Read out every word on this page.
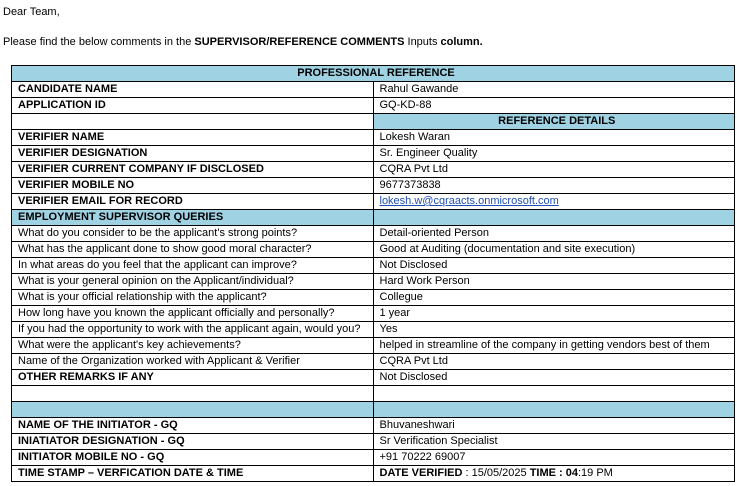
Dear Team,
Please find the below comments in the SUPERVISOR/REFERENCE COMMENTS Inputs column.
PROFESSIONAL REFERENCE	
CANDIDATE NAME	Rahul Gawande
APPLICATION ID	GQ-KD-88
	REFERENCE DETAILS
VERIFIER NAME	Lokesh Waran
VERIFIER DESIGNATION	Sr. Engineer Quality
VERIFIER CURRENT COMPANY IF DISCLOSED	CQRA Pvt Ltd
VERIFIER MOBILE NO	9677373838
VERIFIER EMAIL FOR RECORD	lokesh.w@cqraacts.onmicrosoft.com
EMPLOYMENT SUPERVISOR QUERIES	
What do you consider to be the applicant's strong points?	Detail-oriented Person
What has the applicant done to show good moral character?	Good at Auditing (documentation and site execution)
In what areas do you feel that the applicant can improve?	Not Disclosed
What is your general opinion on the Applicant/individual?	Hard Work Person
What is your official relationship with the applicant?	Collegue
How long have you known the applicant officially and personally?	1 year
If you had the opportunity to work with the applicant again, would you?	Yes
What were the applicant's key achievements?	helped in streamline of the company in getting vendors best of them
Name of the Organization worked with Applicant & Verifier	CQRA Pvt Ltd
OTHER REMARKS IF ANY	Not Disclosed

NAME OF THE INITIATOR - GQ	Bhuvaneshwari
INIATIATOR DESIGNATION - GQ	Sr Verification Specialist
INITIATOR MOBILE NO - GQ	+91 70222 69007
TIME STAMP – VERFICATION DATE & TIME	DATE VERIFIED : 15/05/2025 TIME : 04:19 PM
